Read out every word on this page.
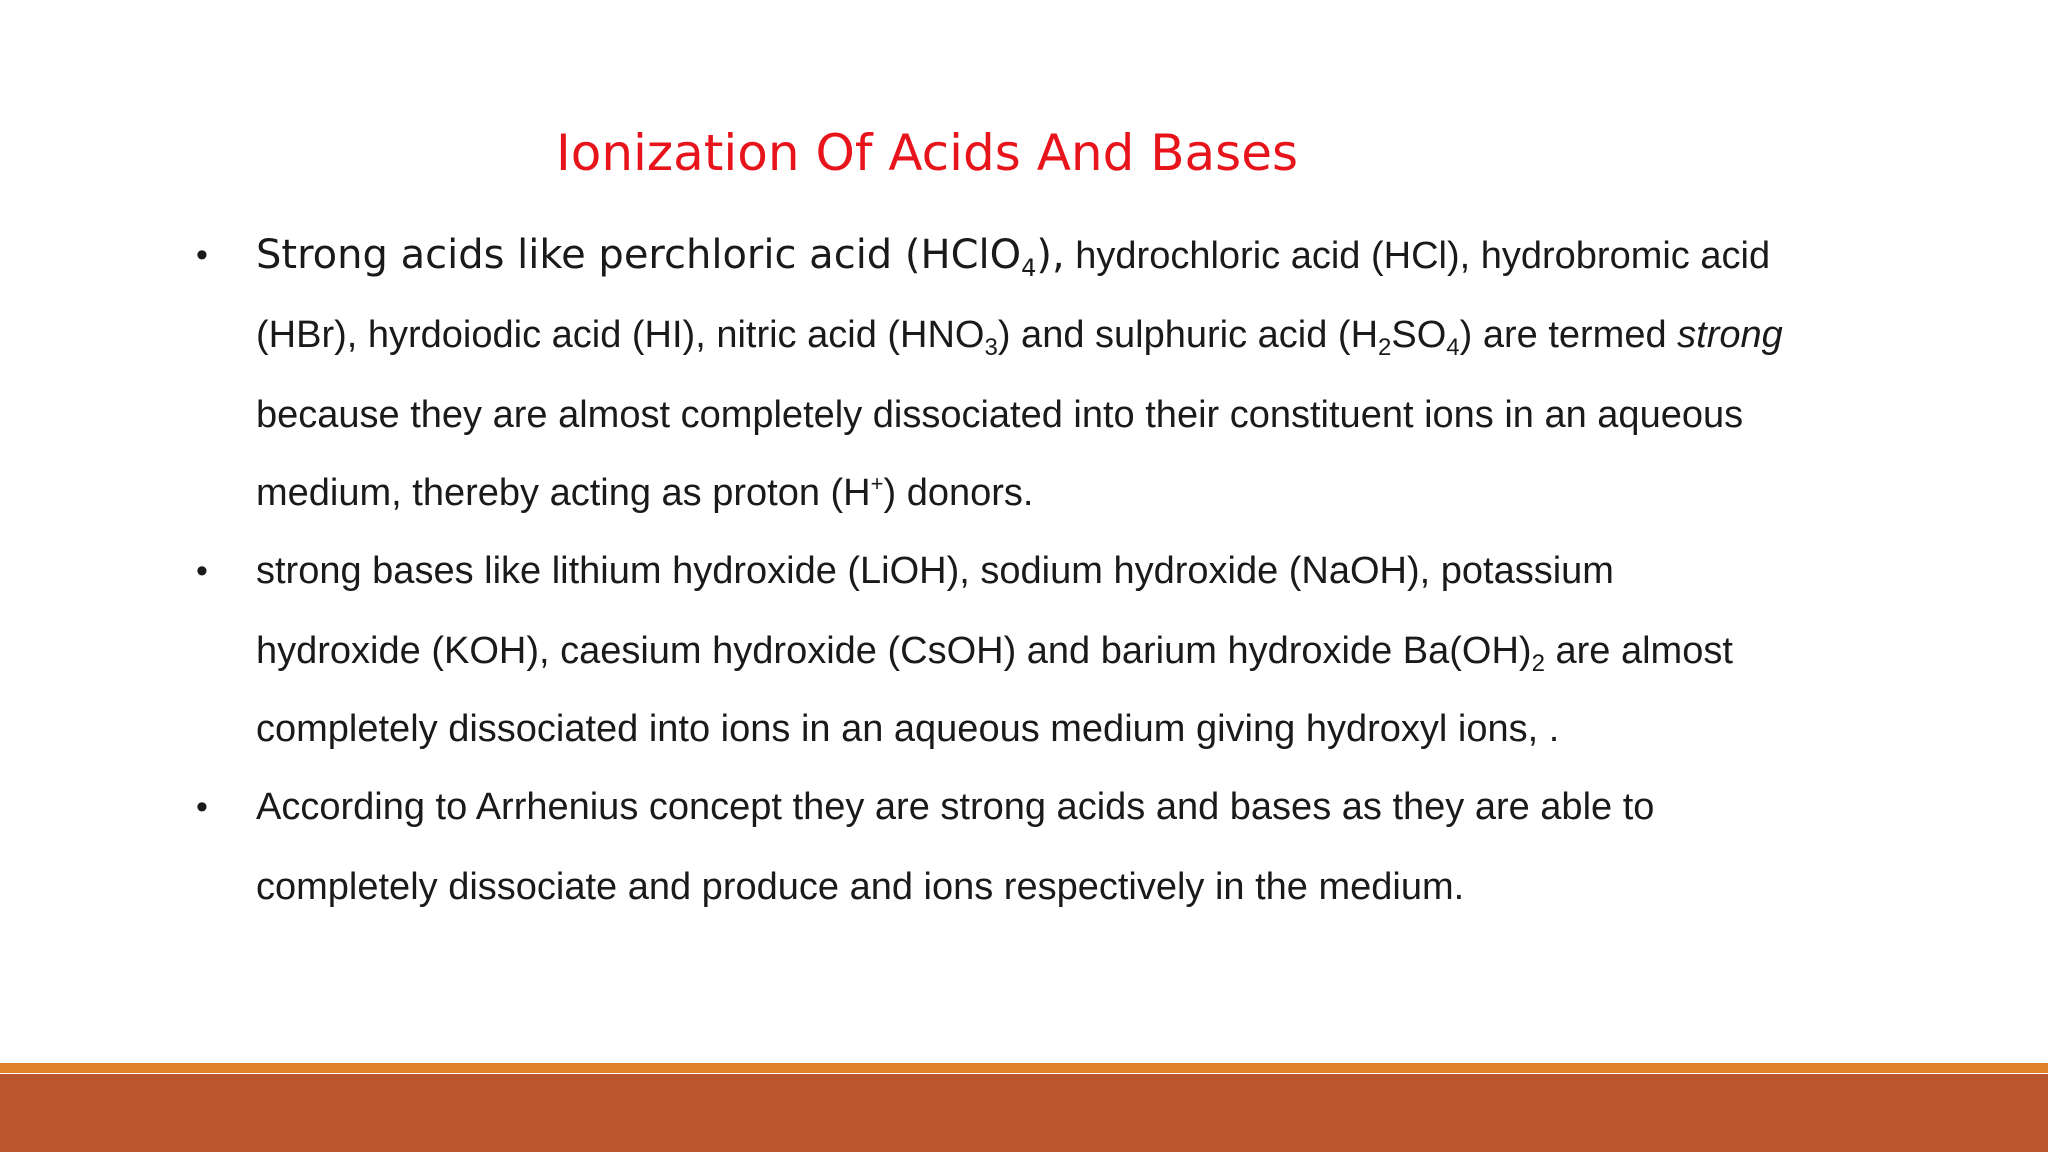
Ionization Of Acids And Bases
• Strong acids like perchloric acid (HClO$_4$), hydrochloric acid (HCl), hydrobromic acid
(HBr), hyrdoiodic acid (HI), nitric acid $(HNO_3)$ and sulphuric acid $(H_2SO_4)$ are termed strong
because they are almost completely dissociated into their constituent ions in an aqueous
medium, thereby acting as proton (H+) donors.
• strong bases like lithium hydroxide (LiOH), sodium hydroxide (NaOH), potassium
hydroxide (KOH), caesium hydroxide (CsOH) and barium hydroxide $Ba(OH)_2$ are almost
completely dissociated into ions in an aqueous medium giving hydroxyl ions, .
• According to Arrhenius concept they are strong acids and bases as they are able to
completely dissociate and produce and ions respectively in the medium.
